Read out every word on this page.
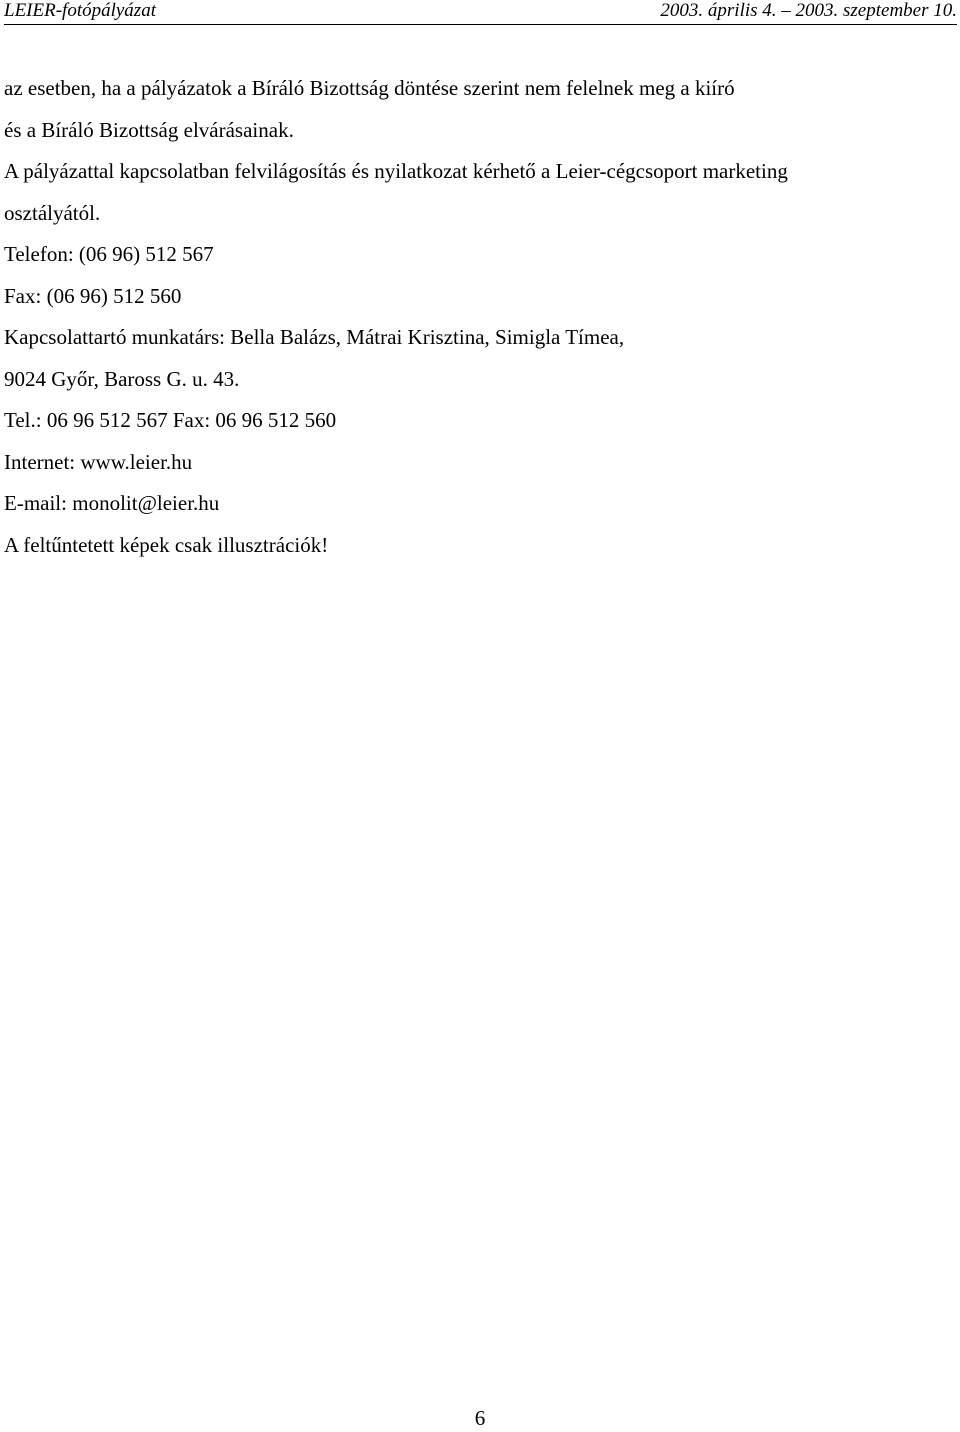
LEIER-fotópályázat	2003. április 4. – 2003. szeptember 10.

az esetben, ha a pályázatok a Bíráló Bizottság döntése szerint nem felelnek meg a kiíró

és a Bíráló Bizottság elvárásainak.

A pályázattal kapcsolatban felvilágosítás és nyilatkozat kérhető a Leier-cégcsoport marketing

osztályától.

Telefon: (06 96) 512 567

Fax: (06 96) 512 560

Kapcsolattartó munkatárs: Bella Balázs, Mátrai Krisztina, Simigla Tímea,

9024 Győr, Baross G. u. 43.

Tel.: 06 96 512 567 Fax: 06 96 512 560

Internet: www.leier.hu

E-mail: monolit@leier.hu

A feltűntetett képek csak illusztrációk!

6
